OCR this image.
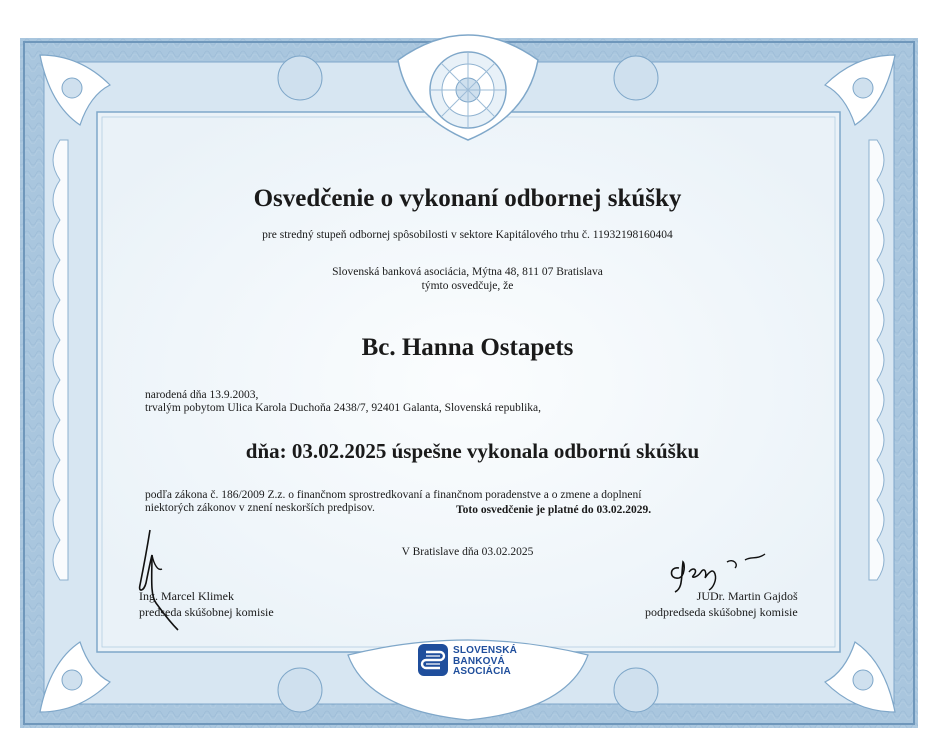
Osvedčenie o vykonaní odbornej skúšky
pre stredný stupeň odbornej spôsobilosti v sektore Kapitálového trhu č. 11932198160404
Slovenská banková asociácia, Mýtna 48, 811 07 Bratislava
týmto osvedčuje, že
Bc. Hanna Ostapets
narodená dňa 13.9.2003,
trvalým pobytom Ulica Karola Duchoňa 2438/7, 92401 Galanta, Slovenská republika,
dňa: 03.02.2025 úspešne vykonala odbornú skúšku
podľa zákona č. 186/2009 Z.z. o finančnom sprostredkovaní a finančnom poradenstve a o zmene a doplnení
niektorých zákonov v znení neskorších predpisov.	Toto osvedčenie je platné do 03.02.2029.
V Bratislave dňa 03.02.2025
Ing. Marcel Klimek
predseda skúšobnej komisie
JUDr. Martin Gajdoš
podpredseda skúšobnej komisie
SLOVENSKÁ
BANKOVÁ
ASOCIÁCIA
